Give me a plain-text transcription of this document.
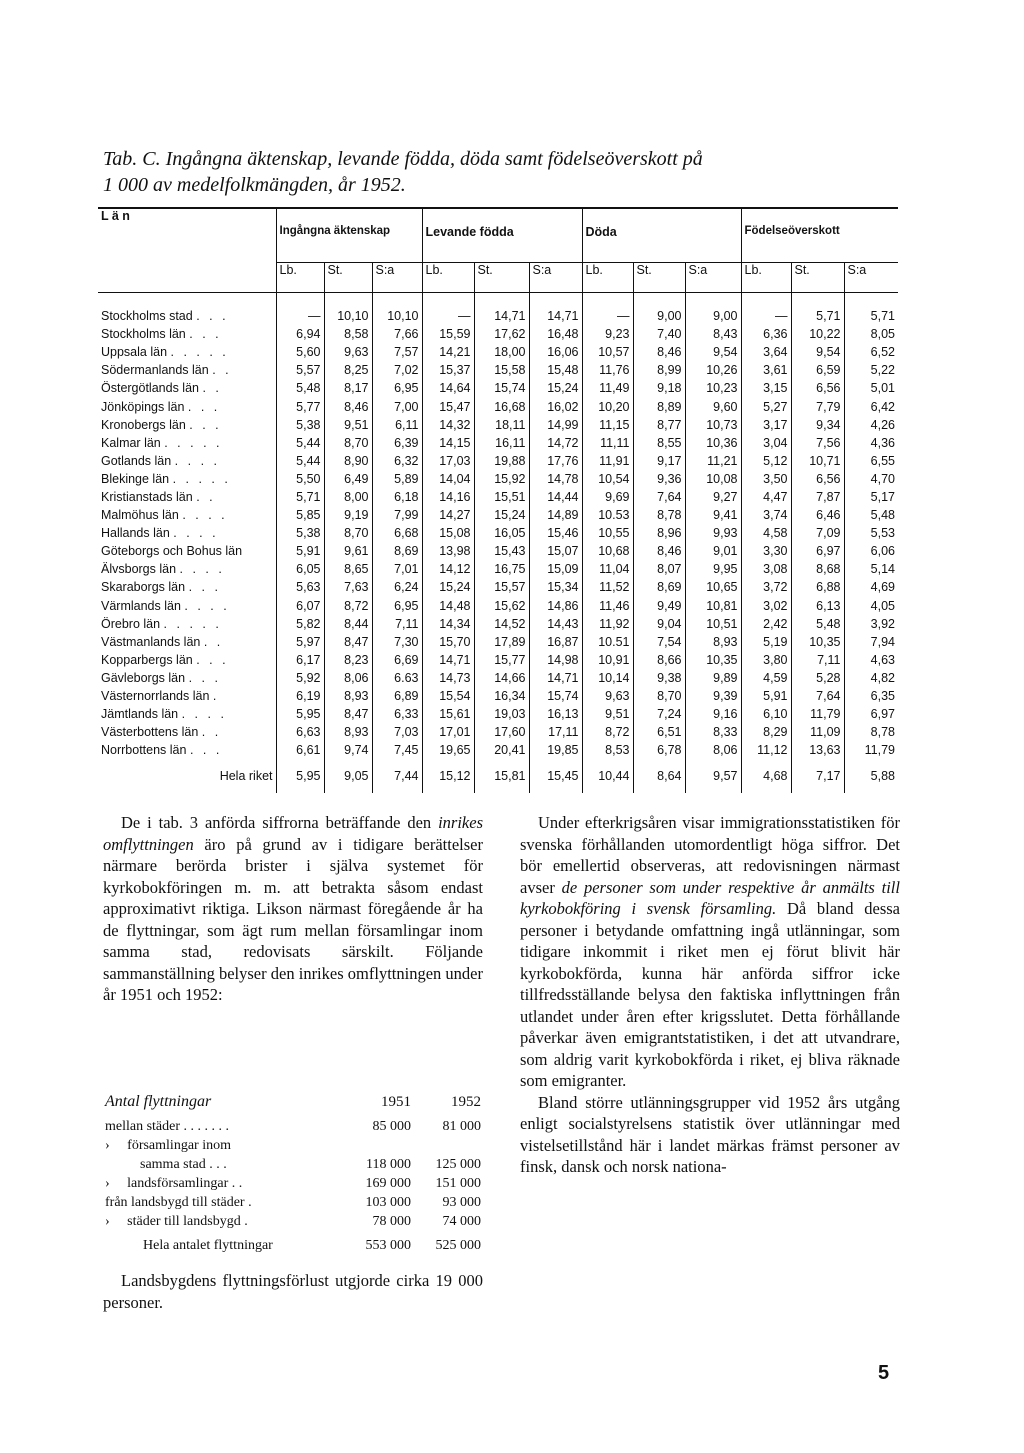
Tab. C. Ingångna äktenskap, levande födda, döda samt födelseöverskott på
1 000 av medelfolkmängden, år 1952.
L ä n	Ingångna äktenskap			Levande födda			Döda			Födelseöverskott		
	Lb.	St.	S:a	Lb.	St.	S:a	Lb.	St.	S:a	Lb.	St.	S:a

Stockholms stad . . .	—	10,10	10,10	—	14,71	14,71	—	9,00	9,00	—	5,71	5,71
Stockholms län . . .	6,94	8,58	7,66	15,59	17,62	16,48	9,23	7,40	8,43	6,36	10,22	8,05
Uppsala län . . . . .	5,60	9,63	7,57	14,21	18,00	16,06	10,57	8,46	9,54	3,64	9,54	6,52
Södermanlands län . .	5,57	8,25	7,02	15,37	15,58	15,48	11,76	8,99	10,26	3,61	6,59	5,22
Östergötlands län . .	5,48	8,17	6,95	14,64	15,74	15,24	11,49	9,18	10,23	3,15	6,56	5,01
Jönköpings län . . .	5,77	8,46	7,00	15,47	16,68	16,02	10,20	8,89	9,60	5,27	7,79	6,42
Kronobergs län . . .	5,38	9,51	6,11	14,32	18,11	14,99	11,15	8,77	10,73	3,17	9,34	4,26
Kalmar län . . . . .	5,44	8,70	6,39	14,15	16,11	14,72	11,11	8,55	10,36	3,04	7,56	4,36
Gotlands län . . . .	5,44	8,90	6,32	17,03	19,88	17,76	11,91	9,17	11,21	5,12	10,71	6,55
Blekinge län . . . . .	5,50	6,49	5,89	14,04	15,92	14,78	10,54	9,36	10,08	3,50	6,56	4,70
Kristianstads län . .	5,71	8,00	6,18	14,16	15,51	14,44	9,69	7,64	9,27	4,47	7,87	5,17
Malmöhus län . . . .	5,85	9,19	7,99	14,27	15,24	14,89	10.53	8,78	9,41	3,74	6,46	5,48
Hallands län . . . .	5,38	8,70	6,68	15,08	16,05	15,46	10,55	8,96	9,93	4,58	7,09	5,53
Göteborgs och Bohus län	5,91	9,61	8,69	13,98	15,43	15,07	10,68	8,46	9,01	3,30	6,97	6,06
Älvsborgs län . . . .	6,05	8,65	7,01	14,12	16,75	15,09	11,04	8,07	9,95	3,08	8,68	5,14
Skaraborgs län . . .	5,63	7,63	6,24	15,24	15,57	15,34	11,52	8,69	10,65	3,72	6,88	4,69
Värmlands län . . . .	6,07	8,72	6,95	14,48	15,62	14,86	11,46	9,49	10,81	3,02	6,13	4,05
Örebro län . . . . .	5,82	8,44	7,11	14,34	14,52	14,43	11,92	9,04	10,51	2,42	5,48	3,92
Västmanlands län . .	5,97	8,47	7,30	15,70	17,89	16,87	10.51	7,54	8,93	5,19	10,35	7,94
Kopparbergs län . . .	6,17	8,23	6,69	14,71	15,77	14,98	10,91	8,66	10,35	3,80	7,11	4,63
Gävleborgs län . . .	5,92	8,06	6.63	14,73	14,66	14,71	10,14	9,38	9,89	4,59	5,28	4,82
Västernorrlands län .	6,19	8,93	6,89	15,54	16,34	15,74	9,63	8,70	9,39	5,91	7,64	6,35
Jämtlands län . . . .	5,95	8,47	6,33	15,61	19,03	16,13	9,51	7,24	9,16	6,10	11,79	6,97
Västerbottens län . .	6,63	8,93	7,03	17,01	17,60	17,11	8,72	6,51	8,33	8,29	11,09	8,78
Norrbottens län . . .	6,61	9,74	7,45	19,65	20,41	19,85	8,53	6,78	8,06	11,12	13,63	11,79
Hela riket	5,95	9,05	7,44	15,12	15,81	15,45	10,44	8,64	9,57	4,68	7,17	5,88

De i tab. 3 anförda siffrorna beträffande den inrikes omflyttningen äro på grund av i tidigare berättelser närmare berörda brister i själva systemet för kyrkobokföringen m. m. att betrakta såsom endast approximativt riktiga. Likson närmast föregående år ha de flyttningar, som ägt rum mellan församlingar inom samma stad, redovisats särskilt. Följande sammanställning belyser den inrikes omflyttningen under år 1951 och 1952:

Antal flyttningar	1951	1952
mellan städer . . . . . . .	85 000	81 000
›     församlingar inom		
samma stad . . .	118 000	125 000
›     landsförsamlingar . .	169 000	151 000
från landsbygd till städer .	103 000	93 000
›     städer till landsbygd .	78 000	74 000
Hela antalet flyttningar	553 000	525 000

Landsbygdens flyttningsförlust utgjorde cirka 19 000 personer.

Under efterkrigsåren visar immigrationsstatistiken för svenska förhållanden utomordentligt höga siffror. Det bör emellertid observeras, att redovisningen närmast avser de personer som under respektive år anmälts till kyrkobokföring i svensk församling. Då bland dessa personer i betydande omfattning ingå utlänningar, som tidigare inkommit i riket men ej förut blivit här kyrkobokförda, kunna här anförda siffror icke tillfredsställande belysa den faktiska inflyttningen från utlandet under åren efter krigsslutet. Detta förhållande påverkar även emigrantstatistiken, i det att utvandrare, som aldrig varit kyrkobokförda i riket, ej bliva räknade som emigranter.

Bland större utlänningsgrupper vid 1952 års utgång enligt socialstyrelsens statistik över utlänningar med vistelsetillstånd här i landet märkas främst personer av finsk, dansk och norsk nationa-

5
